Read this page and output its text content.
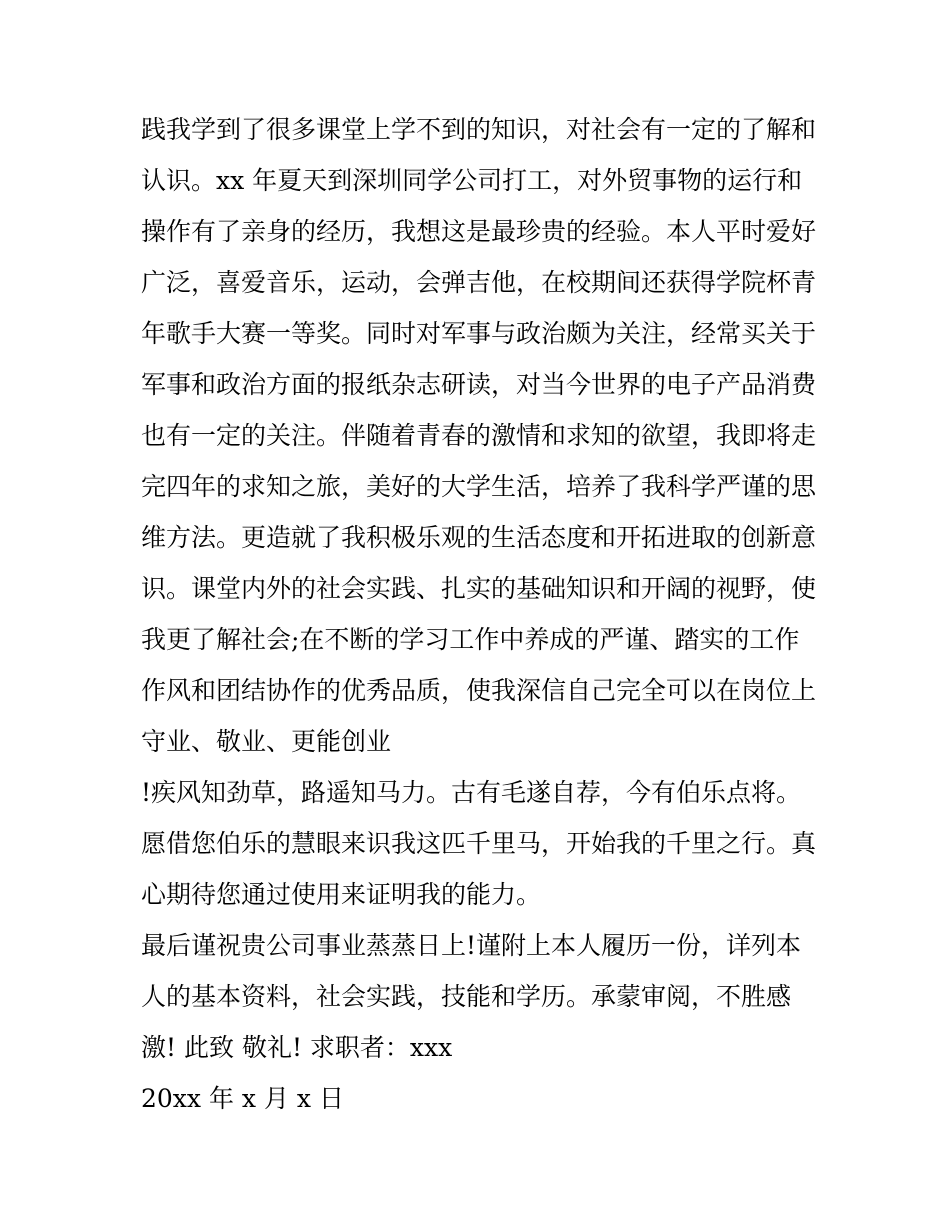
践我学到了很多课堂上学不到的知识，对社会有一定的了解和
认识。xx 年夏天到深圳同学公司打工，对外贸事物的运行和
操作有了亲身的经历，我想这是最珍贵的经验。本人平时爱好
广泛，喜爱音乐，运动，会弹吉他，在校期间还获得学院杯青
年歌手大赛一等奖。同时对军事与政治颇为关注，经常买关于
军事和政治方面的报纸杂志研读，对当今世界的电子产品消费
也有一定的关注。伴随着青春的激情和求知的欲望，我即将走
完四年的求知之旅，美好的大学生活，培养了我科学严谨的思
维方法。更造就了我积极乐观的生活态度和开拓进取的创新意
识。课堂内外的社会实践、扎实的基础知识和开阔的视野，使
我更了解社会;在不断的学习工作中养成的严谨、踏实的工作
作风和团结协作的优秀品质，使我深信自己完全可以在岗位上
守业、敬业、更能创业
!疾风知劲草，路遥知马力。古有毛遂自荐，今有伯乐点将。
愿借您伯乐的慧眼来识我这匹千里马，开始我的千里之行。真
心期待您通过使用来证明我的能力。
最后谨祝贵公司事业蒸蒸日上!谨附上本人履历一份，详列本
人的基本资料，社会实践，技能和学历。承蒙审阅，不胜感
激! 此致 敬礼! 求职者：xxx
20xx 年 x 月 x 日
